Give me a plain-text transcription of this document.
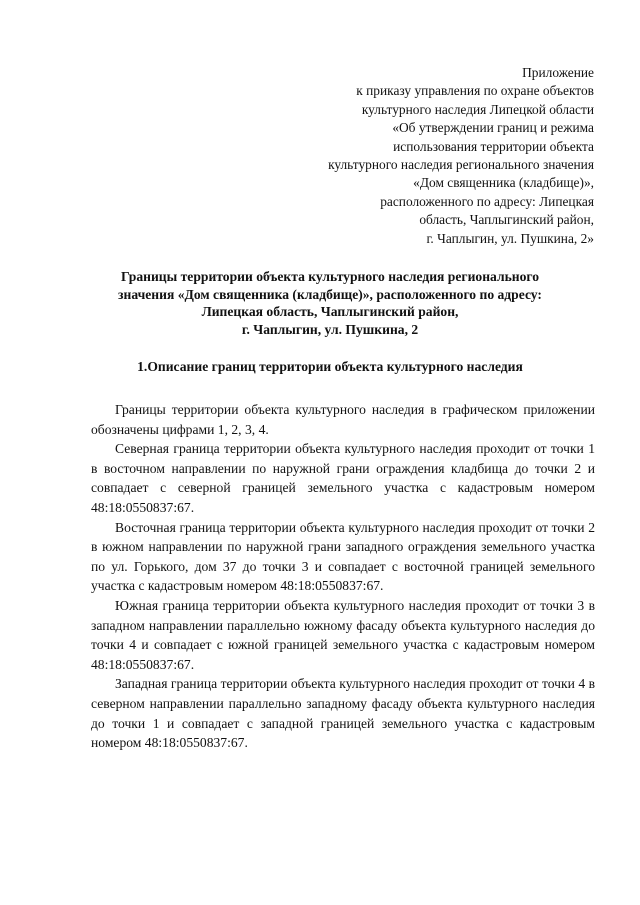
Приложение
к приказу управления по охране объектов
культурного наследия Липецкой области
«Об утверждении границ и режима
использования территории объекта
культурного наследия регионального значения
«Дом священника (кладбище)»,
расположенного по адресу: Липецкая
область, Чаплыгинский район,
г. Чаплыгин, ул. Пушкина, 2»
Границы территории объекта культурного наследия регионального
значения «Дом священника (кладбище)», расположенного по адресу:
Липецкая область, Чаплыгинский район,
г. Чаплыгин, ул. Пушкина, 2
1.Описание границ территории объекта культурного наследия

Границы территории объекта культурного наследия в графическом приложении обозначены цифрами 1, 2, 3, 4.

Северная граница территории объекта культурного наследия проходит от точки 1 в восточном направлении по наружной грани ограждения кладбища до точки 2 и совпадает с северной границей земельного участка с кадастровым номером 48:18:0550837:67.

Восточная граница территории объекта культурного наследия проходит от точки 2 в южном направлении по наружной грани западного ограждения земельного участка по ул. Горького, дом 37 до точки 3 и совпадает с восточной границей земельного участка с кадастровым номером 48:18:0550837:67.

Южная граница территории объекта культурного наследия проходит от точки 3 в западном направлении параллельно южному фасаду объекта культурного наследия до точки 4 и совпадает с южной границей земельного участка с кадастровым номером 48:18:0550837:67.

Западная граница территории объекта культурного наследия проходит от точки 4 в северном направлении параллельно западному фасаду объекта культурного наследия до точки 1 и совпадает с западной границей земельного участка с кадастровым номером 48:18:0550837:67.
